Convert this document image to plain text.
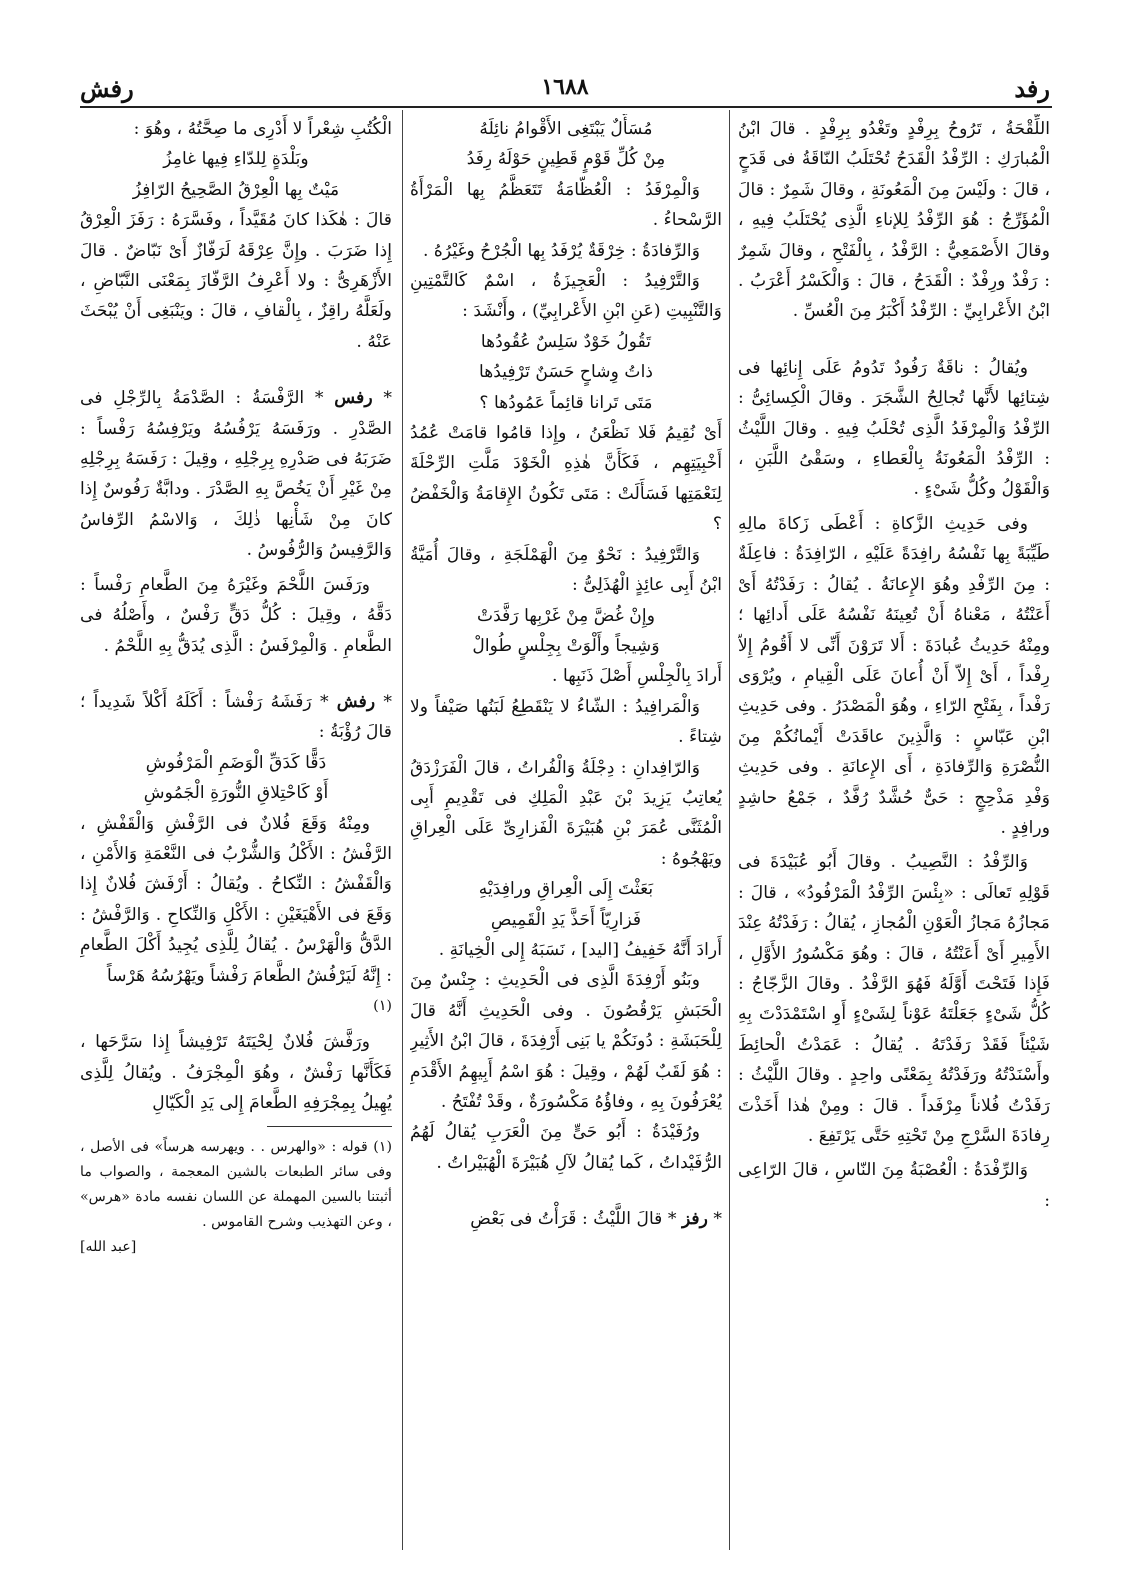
رفد
١٦٨٨
رفش

اللِّقْحَةُ ، تَرُوحُ بِرِفْدٍ وتَغْدُو بِرِفْدٍ . قالَ ابْنُ الْمُبارَكِ : الرِّفْدُ الْقَدَحُ تُحْتَلَبُ النّاقَةُ فى قَدَحٍ ، قالَ : ولَيْسَ مِنَ الْمَعُونَةِ ، وقالَ شَمِرٌ : قالَ الْمُؤَرِّجُ : هُوَ الرِّفْدُ لِلإناءِ الَّذِى يُحْتَلَبُ فِيهِ ، وقالَ الأَصْمَعِيُّ : الرَّفْدُ ، بِالْفَتْحِ ، وقالَ شَمِرٌ : رَفْدٌ ورِفْدٌ : الْقَدَحُ ، قالَ : وَالْكَسْرُ أَعْرَبُ . ابْنُ الأَعْرابِيِّ : الرِّفْدُ أَكْبَرُ مِنَ الْعُسِّ .

ويُقالُ : ناقَةٌ رَفُودٌ تَدُومُ عَلَى إِنائِها فى شِتائِها لأَنَّها تُجالِحُ الشَّجَرَ . وقالَ الْكِسائِىُّ : الرِّفْدُ وَالْمِرْفَدُ الَّذِى تُحْلَبُ فِيهِ . وقالَ اللَّيْثُ : الرِّفْدُ الْمَعُونَةُ بِالْعَطاءِ ، وسَقْىُ اللَّبَنِ ، وَالْقَوْلُ وكُلُّ شَىْءٍ .

وفى حَدِيثِ الزَّكاةِ : أَعْطَى زَكاةَ مالِهِ طَيِّبَةً بِها نَفْسُهُ رافِدَةً عَلَيْهِ ، الرّافِدَةُ : فاعِلَةٌ : مِنَ الرِّفْدِ وهُوَ الإِعانَةُ . يُقالُ : رَفَدْتُهُ أَىْ أَعَنْتُهُ ، مَعْناهُ أَنْ تُعِينَهُ نَفْسُهُ عَلَى أَدائِها ؛ ومِنْهُ حَدِيثُ عُبادَةَ : أَلا تَرَوْنَ أَنِّى لا أَقُومُ إِلاّ رِفْداً ، أَىْ إِلاّ أَنْ أُعانَ عَلَى الْقِيامِ ، ويُرْوَى رَفْداً ، بِفَتْحِ الرّاءِ ، وهُوَ الْمَصْدَرُ . وفى حَدِيثِ ابْنِ عَبّاسٍ : وَالَّذِينَ عاقَدَتْ أَيْمانُكُمْ مِنَ النُّصْرَةِ وَالرِّفادَةِ ، أَى الإِعانَةِ . وفى حَدِيثِ وَفْدِ مَذْحِجٍ : حَىٌّ حُشَّدٌ رُفَّدٌ ، جَمْعُ حاشِدٍ ورافِدٍ .

وَالرِّفْدُ : النَّصِيبُ . وقالَ أَبُو عُبَيْدَةَ فى قَوْلِهِ تَعالَى : «بِئْسَ الرِّفْدُ الْمَرْفُودُ» ، قالَ : مَجازُهُ مَجازُ الْعَوْنِ الْمُجازِ ، يُقالُ : رَفَدْتُهُ عِنْدَ الأَمِيرِ أَىْ أَعَنْتُهُ ، قالَ : وهُوَ مَكْسُورُ الأَوَّلِ ، فَإِذا فَتَحْتَ أَوَّلَهُ فَهُوَ الرَّفْدُ . وقالَ الزَّجّاجُ : كُلُّ شَىْءٍ جَعَلْتَهُ عَوْناً لِشَىْءٍ أَوِ اسْتَمْدَدْتَ بِهِ شَيْئاً فَقَدْ رَفَدْتَهُ . يُقالُ : عَمَدْتُ الْحائِطَ وأَسْنَدْتُهُ ورَفَدْتُهُ بِمَعْنًى واحِدٍ . وقالَ اللَّيْثُ : رَفَدْتُ فُلاناً مِرْفَداً . قالَ : ومِنْ هٰذا أَخَذْتَ رِفادَةَ السَّرْجِ مِنْ تَحْتِهِ حَتَّى يَرْتَفِعَ .

وَالرِّفْدَةُ : الْعُصْبَةُ مِنَ النّاسِ ، قالَ الرّاعِى :

مُسَأَّلٌ يَبْتَغِى الأَقْوامُ نائِلَهُ

مِنْ كُلِّ قَوْمٍ قَطِينٍ حَوْلَهُ رِفَدُ

وَالْمِرْفَدُ : الْعُظّامَةُ تَتَعَظَّمُ بِها الْمَرْأَةُ الرَّسْحاءُ .

وَالرِّفادَةُ : خِرْقَةٌ يُرْفَدُ بِها الْجُرْحُ وغَيْرُهُ .

وَالتَّرْفِيدُ : الْعَجِيزَةُ ، اسْمٌ كَالتَّمْتِينِ وَالتَّنْبِيتِ (عَنِ ابْنِ الأَعْرابِيِّ) ، وأَنْشَدَ :

تَقُولُ خَوْدٌ سَلِسٌ عُقُودُها

ذاتُ وِشاحٍ حَسَنٌ تَرْفِيدُها

مَتَى تَرانا قائِماً عَمُودُها ؟

أَىْ نُقِيمُ فَلا نَظْعَنُ ، وإِذا قامُوا قامَتْ عُمُدُ أَخْبِيَتِهِم ، فَكَأَنَّ هٰذِهِ الْخَوْدَ مَلَّتِ الرِّحْلَةَ لِنَعْمَتِها فَسَأَلَتْ : مَتَى تَكُونُ الإِقامَةُ وَالْخَفْضُ ؟

وَالتَّرْفِيدُ : نَحْوٌ مِنَ الْهَمْلَجَةِ ، وقالَ أُمَيَّةُ ابْنُ أَبِى عائِذٍ الْهُذَلِىُّ :

وإِنْ غُضَّ مِنْ غَرْبِها رَفَّدَتْ

وَشِيجاً وأَلْوَتْ بِجِلْسٍ طُوالْ

أَرادَ بِالْجِلْسِ أَصْلَ ذَنَبِها .

وَالْمَرافِيدُ : الشّاءُ لا يَنْقَطِعُ لَبَنُها صَيْفاً ولا شِتاءً .

وَالرّافِدانِ : دِجْلَةُ وَالْفُراتُ ، قالَ الْفَرَزْدَقُ يُعاتِبُ يَزِيدَ بْنَ عَبْدِ الْمَلِكِ فى تَقْدِيمِ أَبِى الْمُثَنَّى عُمَرَ بْنِ هُبَيْرَةَ الْفَزارِىِّ عَلَى الْعِراقِ ويَهْجُوهُ :

بَعَثْتَ إِلَى الْعِراقِ ورافِدَيْهِ

فَزارِيّاً أَحَذَّ يَدِ الْقَمِيصِ

أَرادَ أَنَّهُ خَفِيفُ [اليد] ، نَسَبَهُ إِلى الْخِيانَةِ .

وبَنُو أَرْفِدَةَ الَّذِى فى الْحَدِيثِ : جِنْسٌ مِنَ الْحَبَشِ يَرْقُصُونَ . وفى الْحَدِيثِ أَنَّهُ قالَ لِلْحَبَشَةِ : دُونَكُمْ يا بَنِى أَرْفِدَةَ ، قالَ ابْنُ الأَثِيرِ : هُوَ لَقَبٌ لَهُمْ ، وقِيلَ : هُوَ اسْمُ أَبِيهِمُ الأَقْدَمِ يُعْرَفُونَ بِهِ ، وفاؤُهُ مَكْسُورَةٌ ، وقَدْ تُفْتَحُ .

ورُفَيْدَةُ : أَبُو حَىٍّ مِنَ الْعَرَبِ يُقالُ لَهُمُ الرُّفَيْداتُ ، كَما يُقالُ لآلِ هُبَيْرَةَ الْهُبَيْراتُ .

* رفز * قالَ اللَّيْثُ : قَرَأْتُ فى بَعْضِ

الْكُتُبِ شِعْراً لا أَدْرِى ما صِحَّتُهُ ، وهُوَ :

وبَلْدَةٍ لِلدّاءِ فِيها غامِزُ

مَيْتٌ بِها الْعِرْقُ الصَّحِيحُ الرّافِزُ

قالَ : هٰكَذا كانَ مُقَيَّداً ، وفَسَّرَهُ : رَفَزَ الْعِرْقُ إِذا ضَرَبَ . وإِنَّ عِرْقَهُ لَرَفّازٌ أَىْ نَبّاضٌ . قالَ الأَزْهَرِىُّ : ولا أَعْرِفُ الرَّفّازَ بِمَعْنَى النَّبّاضِ ، ولَعَلَّهُ راقِزٌ ، بِالْقافِ ، قالَ : ويَنْبَغِى أَنْ يُبْحَثَ عَنْهُ .

* رفس * الرَّفْسَةُ : الصَّدْمَةُ بِالرِّجْلِ فى الصَّدْرِ . ورَفَسَهُ يَرْفُسُهُ ويَرْفِسُهُ رَفْساً : ضَرَبَهُ فى صَدْرِهِ بِرِجْلِهِ ، وقِيلَ : رَفَسَهُ بِرِجْلِهِ مِنْ غَيْرِ أَنْ يَخُصَّ بِهِ الصَّدْرَ . ودابَّةٌ رَفُوسٌ إِذا كانَ مِنْ شَأْنِها ذٰلِكَ ، وَالاسْمُ الرِّفاسُ وَالرَّفِيسُ وَالرُّفُوسُ .

ورَفَسَ اللَّحْمَ وغَيْرَهُ مِنَ الطَّعامِ رَفْساً : دَقَّهُ ، وقِيلَ : كُلُّ دَقٍّ رَفْسٌ ، وأَصْلُهُ فى الطَّعامِ . وَالْمِرْفَسُ : الَّذِى يُدَقُّ بِهِ اللَّحْمُ .

* رفش * رَفَشَهُ رَفْشاً : أَكَلَهُ أَكْلاً شَدِيداً ؛ قالَ رُؤْبَةُ :

دَقًّا كَدَقِّ الْوَضَمِ الْمَرْفُوشِ

أَوْ كَاحْتِلاقِ النُّورَةِ الْجَمُوشِ

ومِنْهُ وَقَعَ فُلانٌ فى الرَّفْشِ وَالْقَفْشِ ، الرَّفْشُ : الأَكْلُ وَالشُّرْبُ فى النَّعْمَةِ وَالأَمْنِ ، وَالْقَفْشُ : النِّكاحُ . ويُقالُ : أَرْفَشَ فُلانٌ إِذا وَقَعَ فى الأَهْيَغَيْنِ : الأَكْلِ وَالنِّكاحِ . وَالرَّفْشُ : الدَّقُّ وَالْهَرْسُ . يُقالُ لِلَّذِى يُجِيدُ أَكْلَ الطَّعامِ : إِنَّهُ لَيَرْفُشُ الطَّعامَ رَفْشاً ويَهْرُسُهُ هَرْساً

$^{(١)}$

ورَفَّشَ فُلانٌ لِحْيَتَهُ تَرْفِيشاً إِذا سَرَّحَها ، فَكَأَنَّها رَفْشٌ ، وهُوَ الْمِجْرَفُ . ويُقالُ لِلَّذِى يُهِيلُ بِمِجْرَفِهِ الطَّعامَ إِلى يَدِ الْكَيّالِ

(١) قوله : «والهرس . . ويهرسه هرساً» فى الأصل ، وفى سائر الطبعات بالشين المعجمة ، والصواب ما أثبتنا بالسين المهملة عن اللسان نفسه مادة «هرس» ، وعن التهذيب وشرح القاموس .

[عبد الله]
